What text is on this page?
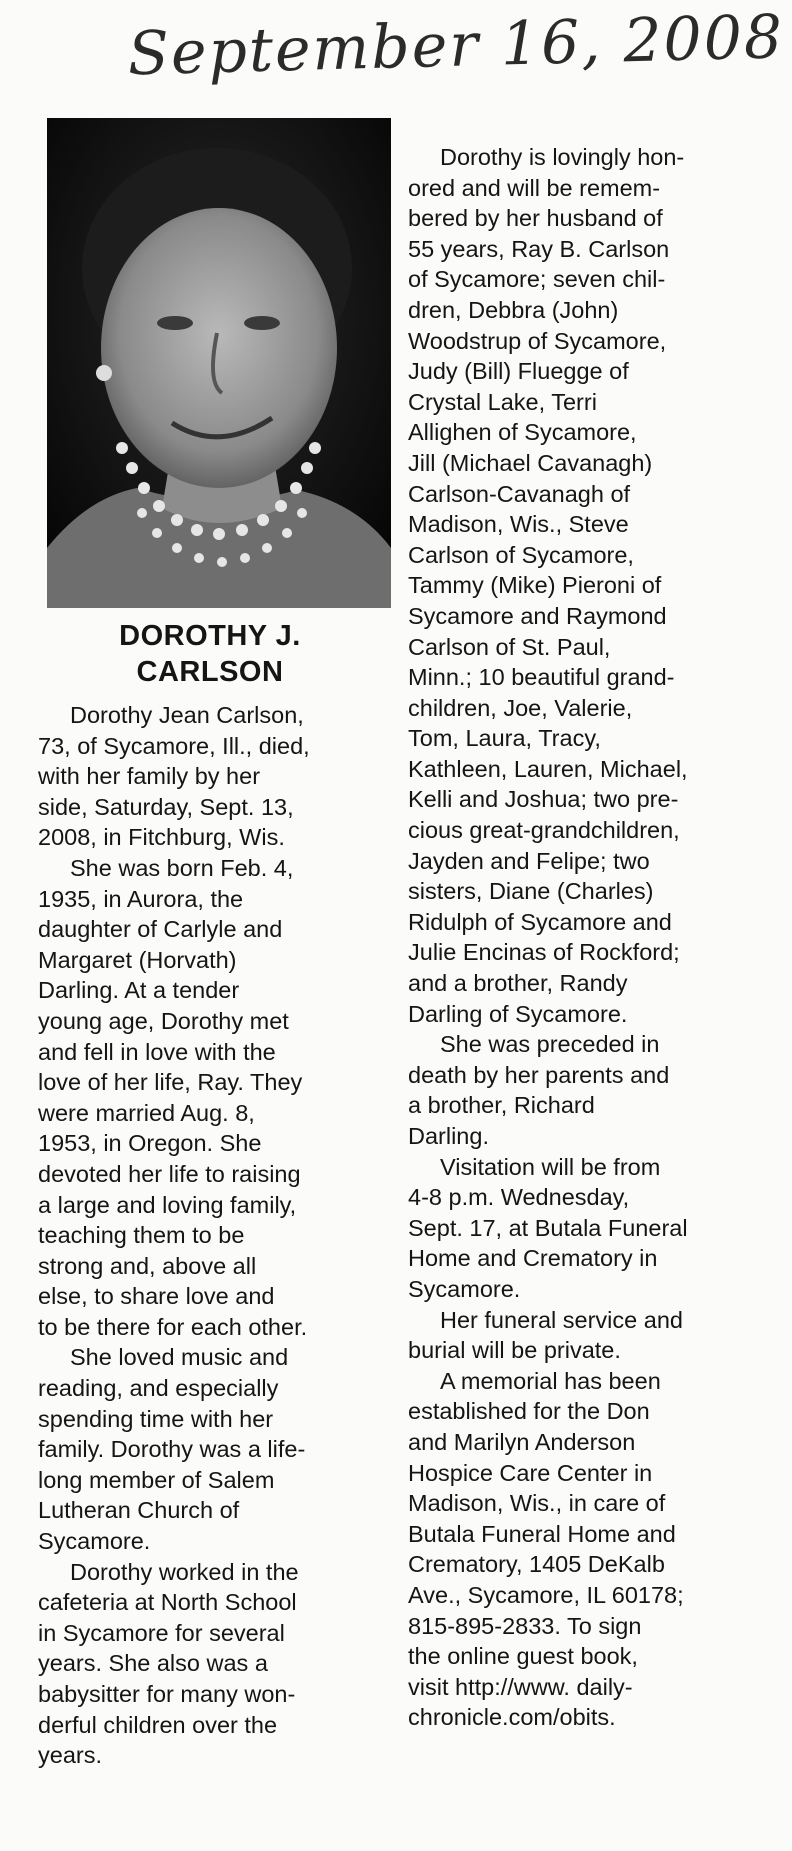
September 16, 2008
DOROTHY J.
CARLSON
Dorothy Jean Carlson,
73, of Sycamore, Ill., died,
with her family by her
side, Saturday, Sept. 13,
2008, in Fitchburg, Wis.
She was born Feb. 4,
1935, in Aurora, the
daughter of Carlyle and
Margaret (Horvath)
Darling. At a tender
young age, Dorothy met
and fell in love with the
love of her life, Ray. They
were married Aug. 8,
1953, in Oregon. She
devoted her life to raising
a large and loving family,
teaching them to be
strong and, above all
else, to share love and
to be there for each other.
She loved music and
reading, and especially
spending time with her
family. Dorothy was a life-
long member of Salem
Lutheran Church of
Sycamore.
Dorothy worked in the
cafeteria at North School
in Sycamore for several
years. She also was a
babysitter for many won-
derful children over the
years.
Dorothy is lovingly hon-
ored and will be remem-
bered by her husband of
55 years, Ray B. Carlson
of Sycamore; seven chil-
dren, Debbra (John)
Woodstrup of Sycamore,
Judy (Bill) Fluegge of
Crystal Lake, Terri
Allighen of Sycamore,
Jill (Michael Cavanagh)
Carlson-Cavanagh of
Madison, Wis., Steve
Carlson of Sycamore,
Tammy (Mike) Pieroni of
Sycamore and Raymond
Carlson of St. Paul,
Minn.; 10 beautiful grand-
children, Joe, Valerie,
Tom, Laura, Tracy,
Kathleen, Lauren, Michael,
Kelli and Joshua; two pre-
cious great-grandchildren,
Jayden and Felipe; two
sisters, Diane (Charles)
Ridulph of Sycamore and
Julie Encinas of Rockford;
and a brother, Randy
Darling of Sycamore.
She was preceded in
death by her parents and
a brother, Richard
Darling.
Visitation will be from
4-8 p.m. Wednesday,
Sept. 17, at Butala Funeral
Home and Crematory in
Sycamore.
Her funeral service and
burial will be private.
A memorial has been
established for the Don
and Marilyn Anderson
Hospice Care Center in
Madison, Wis., in care of
Butala Funeral Home and
Crematory, 1405 DeKalb
Ave., Sycamore, IL 60178;
815-895-2833. To sign
the online guest book,
visit http://www. daily-
chronicle.com/obits.
